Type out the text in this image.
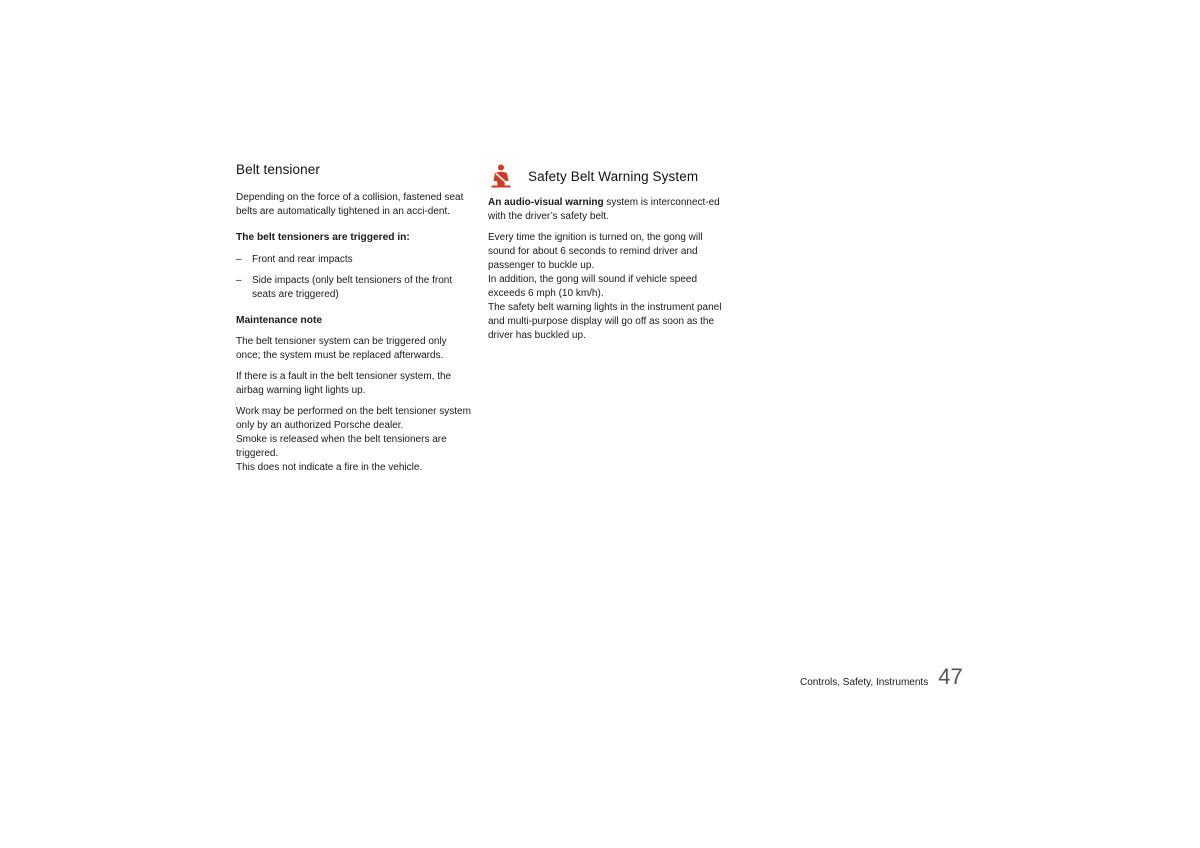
Belt tensioner

Depending on the force of a collision, fastened seat belts are automatically tightened in an acci-dent.

The belt tensioners are triggered in:

–	Front and rear impacts
–	Side impacts (only belt tensioners of the front seats are triggered)

Maintenance note

The belt tensioner system can be triggered only once; the system must be replaced afterwards.

If there is a fault in the belt tensioner system, the airbag warning light lights up.

Work may be performed on the belt tensioner system only by an authorized Porsche dealer.

Smoke is released when the belt tensioners are triggered.

This does not indicate a fire in the vehicle.

Safety Belt Warning System

An audio-visual warning system is interconnect-ed with the driver’s safety belt.

Every time the ignition is turned on, the gong will sound for about 6 seconds to remind driver and passenger to buckle up.

In addition, the gong will sound if vehicle speed exceeds 6 mph (10 km/h).

The safety belt warning lights in the instrument panel and multi-purpose display will go off as soon as the driver has buckled up.

Controls, Safety, Instruments 47
